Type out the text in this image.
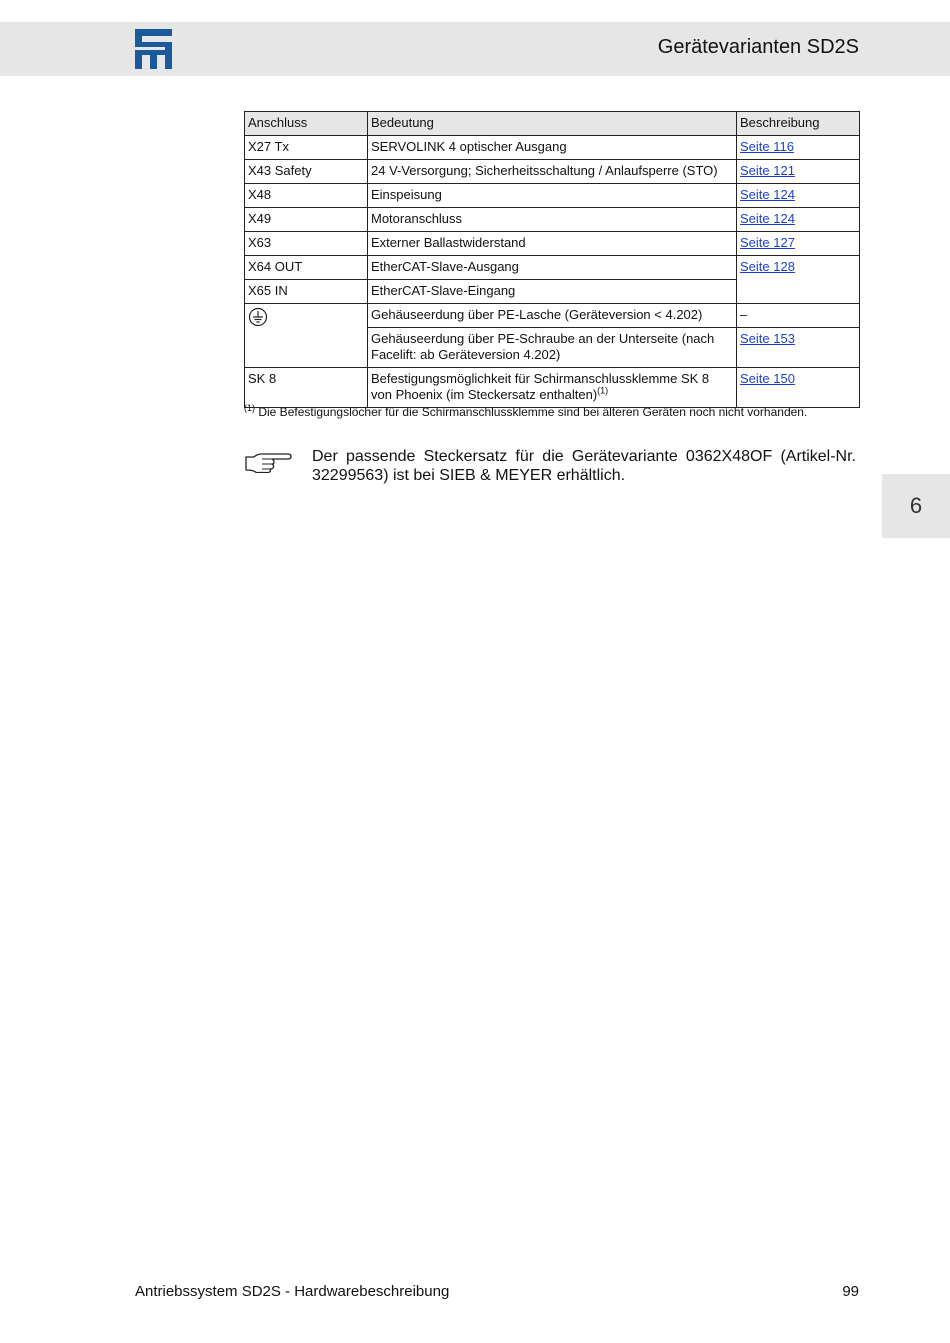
Gerätevarianten SD2S
6
Anschluss	Bedeutung	Beschreibung
X27 Tx	SERVOLINK 4 optischer Ausgang	Seite 116
X43 Safety	24 V-Versorgung; Sicherheitsschaltung / Anlaufsperre (STO)	Seite 121
X48	Einspeisung	Seite 124
X49	Motoranschluss	Seite 124
X63	Externer Ballastwiderstand	Seite 127
X64 OUT	EtherCAT-Slave-Ausgang	Seite 128
X65 IN	EtherCAT-Slave-Eingang	
	Gehäuseerdung über PE-Lasche (Geräteversion < 4.202)	–
	Gehäuseerdung über PE-Schraube an der Unterseite (nach Facelift: ab Geräteversion 4.202)	Seite 153
SK 8	Befestigungsmöglichkeit für Schirmanschlussklemme SK 8 von Phoenix (im Steckersatz enthalten)$^{(1)}$	Seite 150
$^{(1)}$ Die Befestigungslöcher für die Schirmanschlussklemme sind bei älteren Geräten noch nicht vorhanden.
Der passende Steckersatz für die Gerätevariante 0362X48OF (Artikel-Nr. 32299563) ist bei SIEB & MEYER erhältlich.
Antriebssystem SD2S - Hardwarebeschreibung	99
